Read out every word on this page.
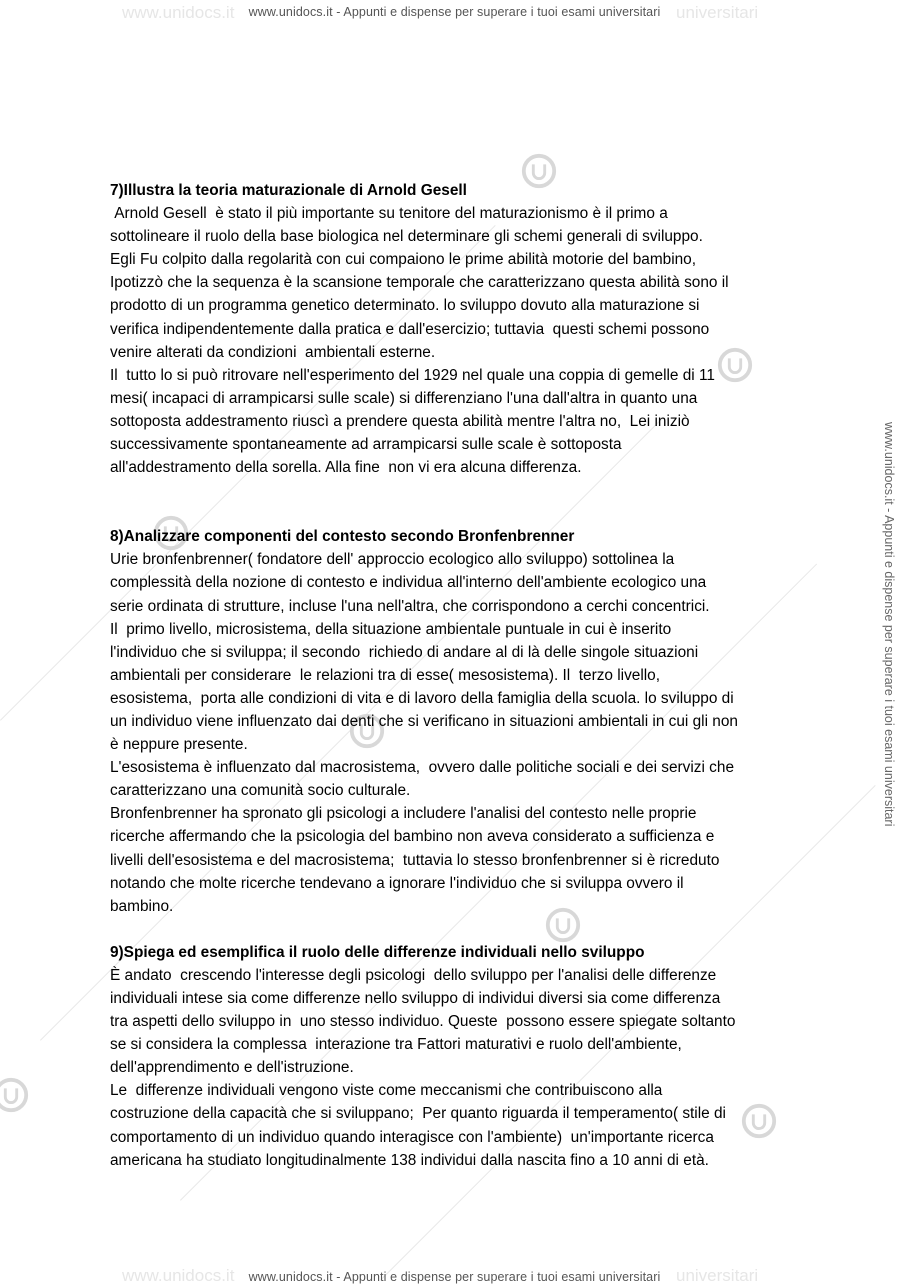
www.unidocs.it	universitari
www.unidocs.it	universitari
www.unidocs.it - Appunti e dispense per superare i tuoi esami universitari
www.unidocs.it - Appunti e dispense per superare i tuoi esami universitari
www.unidocs.it - Appunti e dispense per superare i tuoi esami universitari
7)Illustra la teoria maturazionale di Arnold Gesell

Arnold Gesell  è stato il più importante su tenitore del maturazionismo è il primo a

sottolineare il ruolo della base biologica nel determinare gli schemi generali di sviluppo.

Egli Fu colpito dalla regolarità con cui compaiono le prime abilità motorie del bambino,

Ipotizzò che la sequenza è la scansione temporale che caratterizzano questa abilità sono il

prodotto di un programma genetico determinato. lo sviluppo dovuto alla maturazione si

verifica indipendentemente dalla pratica e dall'esercizio; tuttavia  questi schemi possono

venire alterati da condizioni  ambientali esterne.

Il  tutto lo si può ritrovare nell'esperimento del 1929 nel quale una coppia di gemelle di 11

mesi( incapaci di arrampicarsi sulle scale) si differenziano l'una dall'altra in quanto una

sottoposta addestramento riuscì a prendere questa abilità mentre l'altra no,  Lei iniziò

successivamente spontaneamente ad arrampicarsi sulle scale è sottoposta

all'addestramento della sorella. Alla fine  non vi era alcuna differenza.

8)Analizzare componenti del contesto secondo Bronfenbrenner

Urie bronfenbrenner( fondatore dell' approccio ecologico allo sviluppo) sottolinea la

complessità della nozione di contesto e individua all'interno dell'ambiente ecologico una

serie ordinata di strutture, incluse l'una nell'altra, che corrispondono a cerchi concentrici.

Il  primo livello, microsistema, della situazione ambientale puntuale in cui è inserito

l'individuo che si sviluppa; il secondo  richiedo di andare al di là delle singole situazioni

ambientali per considerare  le relazioni tra di esse( mesosistema). Il  terzo livello,

esosistema,  porta alle condizioni di vita e di lavoro della famiglia della scuola. lo sviluppo di

un individuo viene influenzato dai denti che si verificano in situazioni ambientali in cui gli non

è neppure presente.

L'esosistema è influenzato dal macrosistema,  ovvero dalle politiche sociali e dei servizi che

caratterizzano una comunità socio culturale.

Bronfenbrenner ha spronato gli psicologi a includere l'analisi del contesto nelle proprie

ricerche affermando che la psicologia del bambino non aveva considerato a sufficienza e

livelli dell'esosistema e del macrosistema;  tuttavia lo stesso bronfenbrenner si è ricreduto

notando che molte ricerche tendevano a ignorare l'individuo che si sviluppa ovvero il

bambino.

9)Spiega ed esemplifica il ruolo delle differenze individuali nello sviluppo

È andato  crescendo l'interesse degli psicologi  dello sviluppo per l'analisi delle differenze

individuali intese sia come differenze nello sviluppo di individui diversi sia come differenza

tra aspetti dello sviluppo in  uno stesso individuo. Queste  possono essere spiegate soltanto

se si considera la complessa  interazione tra Fattori maturativi e ruolo dell'ambiente,

dell'apprendimento e dell'istruzione.

Le  differenze individuali vengono viste come meccanismi che contribuiscono alla

costruzione della capacità che si sviluppano;  Per quanto riguarda il temperamento( stile di

comportamento di un individuo quando interagisce con l'ambiente)  un'importante ricerca

americana ha studiato longitudinalmente 138 individui dalla nascita fino a 10 anni di età.
